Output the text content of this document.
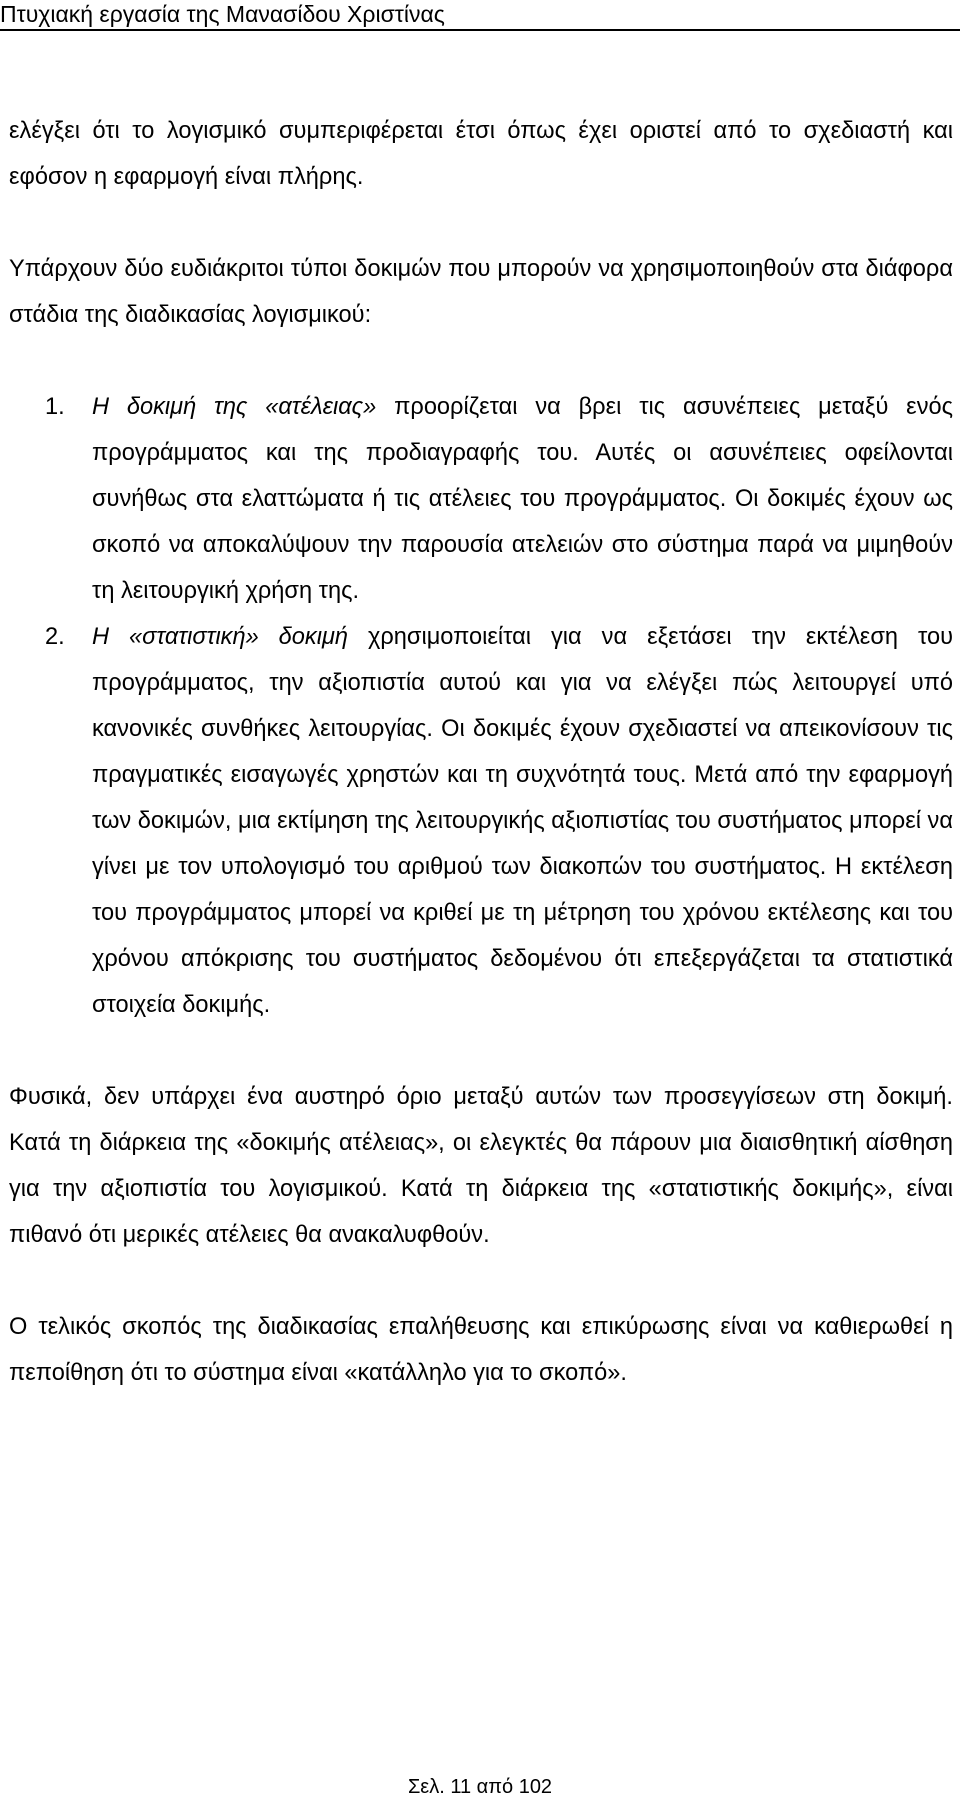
Πτυχιακή εργασία της Μανασίδου Χριστίνας

ελέγξει ότι το λογισμικό συμπεριφέρεται έτσι όπως έχει οριστεί από το σχεδιαστή και εφόσον η εφαρμογή είναι πλήρης.

Υπάρχουν δύο ευδιάκριτοι τύποι δοκιμών που μπορούν να χρησιμοποιηθούν στα διάφορα στάδια της διαδικασίας λογισμικού:

1. Η δοκιμή της «ατέλειας» προορίζεται να βρει τις ασυνέπειες μεταξύ ενός προγράμματος και της προδιαγραφής του. Αυτές οι ασυνέπειες οφείλονται συνήθως στα ελαττώματα ή τις ατέλειες του προγράμματος. Οι δοκιμές έχουν ως σκοπό να αποκαλύψουν την παρουσία ατελειών στο σύστημα παρά να μιμηθούν τη λειτουργική χρήση της.
2. Η «στατιστική» δοκιμή χρησιμοποιείται για να εξετάσει την εκτέλεση του προγράμματος, την αξιοπιστία αυτού και για να ελέγξει πώς λειτουργεί υπό κανονικές συνθήκες λειτουργίας. Οι δοκιμές έχουν σχεδιαστεί να απεικονίσουν τις πραγματικές εισαγωγές χρηστών και τη συχνότητά τους. Μετά από την εφαρμογή των δοκιμών, μια εκτίμηση της λειτουργικής αξιοπιστίας του συστήματος μπορεί να γίνει με τον υπολογισμό του αριθμού των διακοπών του συστήματος. Η εκτέλεση του προγράμματος μπορεί να κριθεί με τη μέτρηση του χρόνου εκτέλεσης και του χρόνου απόκρισης του συστήματος δεδομένου ότι επεξεργάζεται τα στατιστικά στοιχεία δοκιμής.

Φυσικά, δεν υπάρχει ένα αυστηρό όριο μεταξύ αυτών των προσεγγίσεων στη δοκιμή. Κατά τη διάρκεια της «δοκιμής ατέλειας», οι ελεγκτές θα πάρουν μια διαισθητική αίσθηση για την αξιοπιστία του λογισμικού. Κατά τη διάρκεια της «στατιστικής δοκιμής», είναι πιθανό ότι μερικές ατέλειες θα ανακαλυφθούν.

Ο τελικός σκοπός της διαδικασίας επαλήθευσης και επικύρωσης είναι να καθιερωθεί η πεποίθηση ότι το σύστημα είναι «κατάλληλο για το σκοπό».

Σελ. 11 από 102
